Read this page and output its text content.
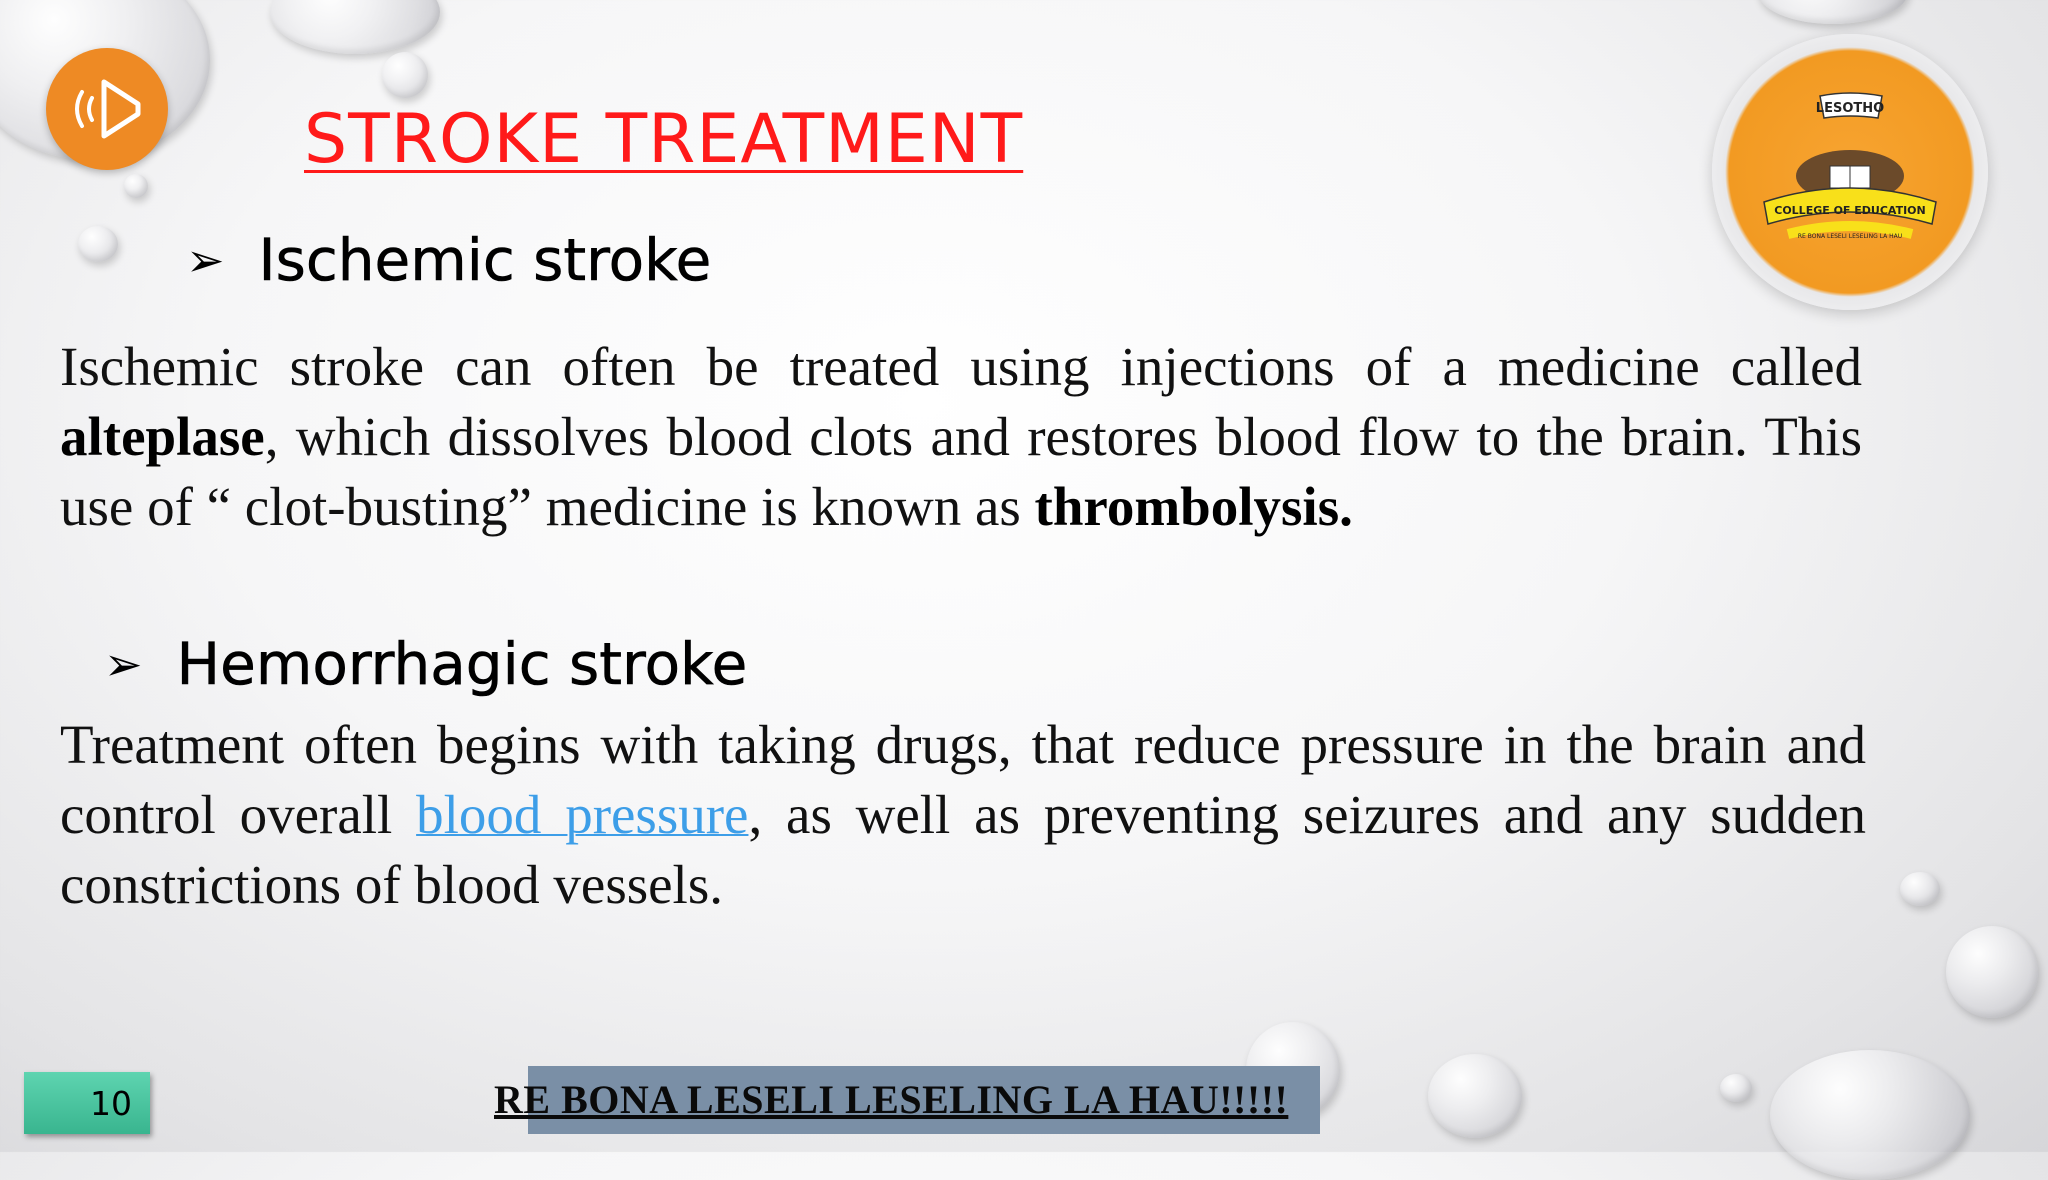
LESOTHO
COLLEGE OF EDUCATION
RE BONA LESELI LESELING LA HAU
STROKE TREATMENT
➢ Ischemic stroke

Ischemic stroke can often be treated using injections of a medicine called alteplase, which dissolves blood clots and restores blood flow to the brain. This use of “ clot-busting” medicine is known as thrombolysis.

➢ Hemorrhagic stroke

Treatment often begins with taking drugs, that reduce pressure in the brain and control overall blood pressure, as well as preventing seizures and any sudden constrictions of blood vessels.

10	RE BONA LESELI LESELING LA HAU!!!!!
